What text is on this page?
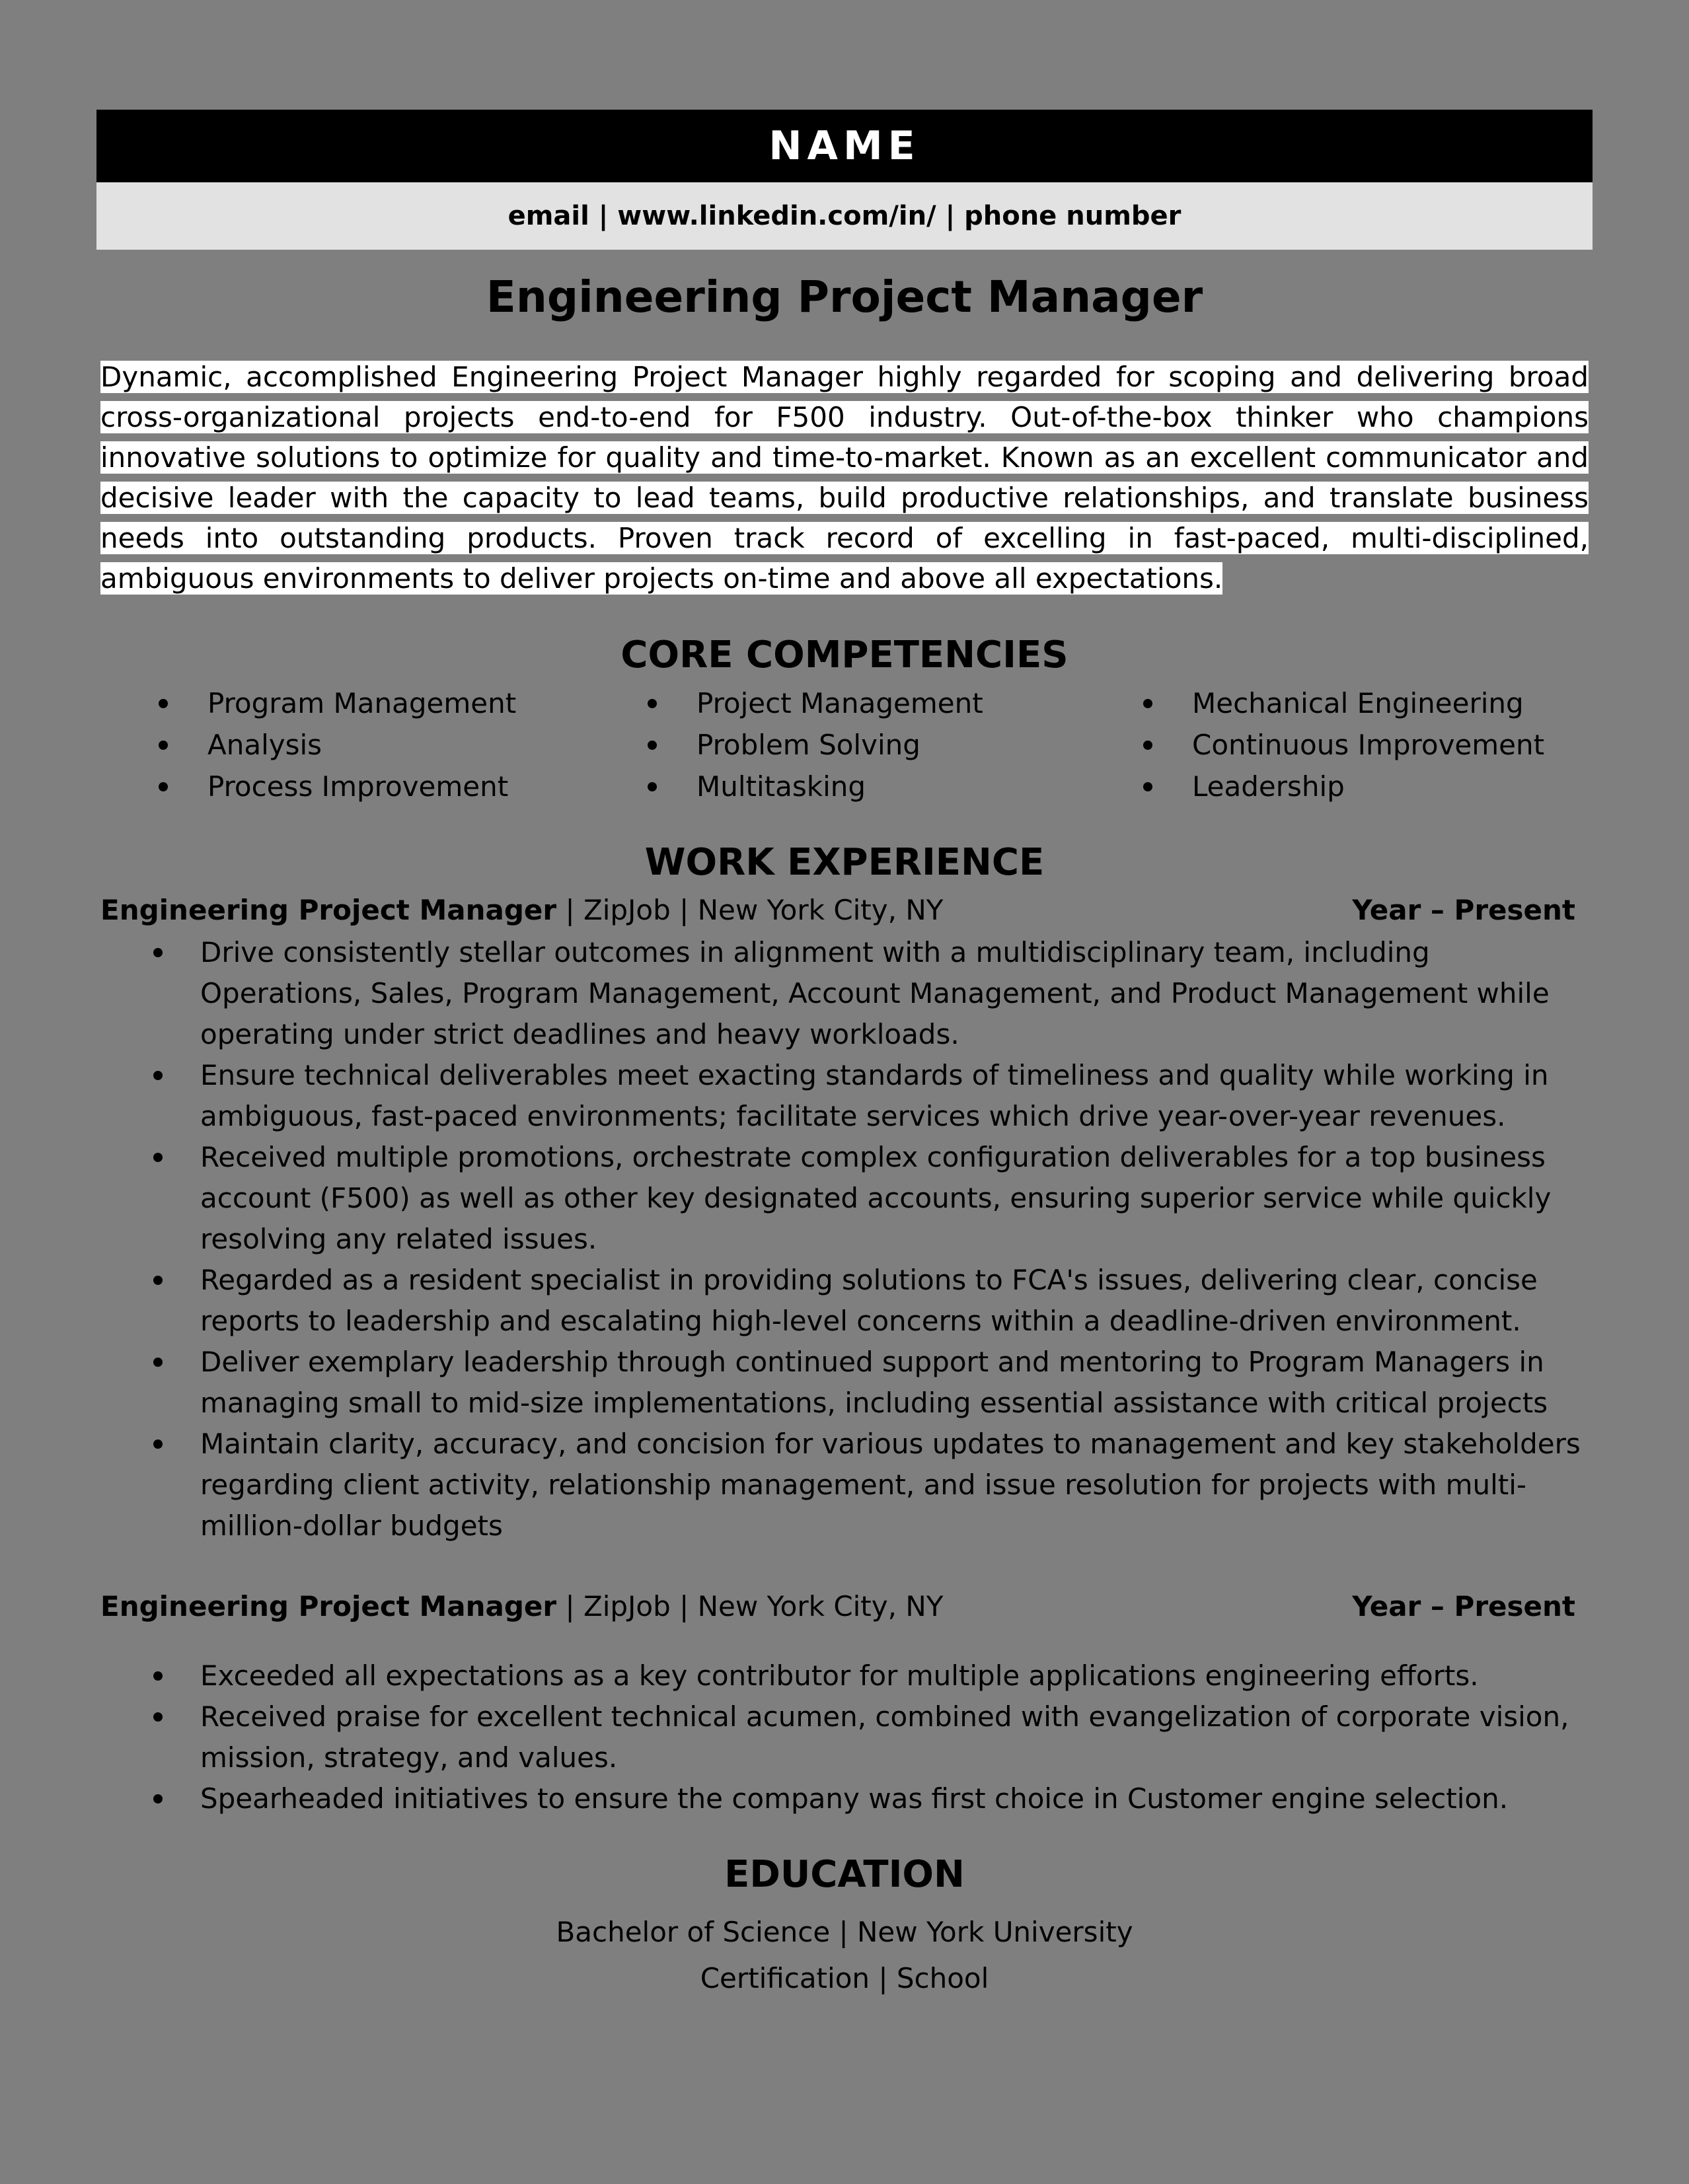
NAME
email | www.linkedin.com/in/ | phone number
Engineering Project Manager
Dynamic, accomplished Engineering Project Manager highly regarded for scoping and delivering broad cross-organizational projects end-to-end for F500 industry. Out-of-the-box thinker who champions innovative solutions to optimize for quality and time-to-market. Known as an excellent communicator and decisive leader with the capacity to lead teams, build productive relationships, and translate business needs into outstanding products. Proven track record of excelling in fast-paced, multi-disciplined, ambiguous environments to deliver projects on-time and above all expectations.
CORE COMPETENCIES
Program Management
Analysis
Process Improvement
Project Management
Problem Solving
Multitasking
Mechanical Engineering
Continuous Improvement
Leadership
WORK EXPERIENCE
Engineering Project Manager | ZipJob | New York City, NY	Year – Present
Drive consistently stellar outcomes in alignment with a multidisciplinary team, including Operations, Sales, Program Management, Account Management, and Product Management while operating under strict deadlines and heavy workloads.
Ensure technical deliverables meet exacting standards of timeliness and quality while working in ambiguous, fast-paced environments; facilitate services which drive year-over-year revenues.
Received multiple promotions, orchestrate complex configuration deliverables for a top business account (F500) as well as other key designated accounts, ensuring superior service while quickly resolving any related issues.
Regarded as a resident specialist in providing solutions to FCA's issues, delivering clear, concise reports to leadership and escalating high-level concerns within a deadline-driven environment.
Deliver exemplary leadership through continued support and mentoring to Program Managers in managing small to mid-size implementations, including essential assistance with critical projects
Maintain clarity, accuracy, and concision for various updates to management and key stakeholders regarding client activity, relationship management, and issue resolution for projects with multi-million-dollar budgets
Engineering Project Manager | ZipJob | New York City, NY	Year – Present
Exceeded all expectations as a key contributor for multiple applications engineering efforts.
Received praise for excellent technical acumen, combined with evangelization of corporate vision, mission, strategy, and values.
Spearheaded initiatives to ensure the company was first choice in Customer engine selection.
EDUCATION
Bachelor of Science | New York University
Certification | School
